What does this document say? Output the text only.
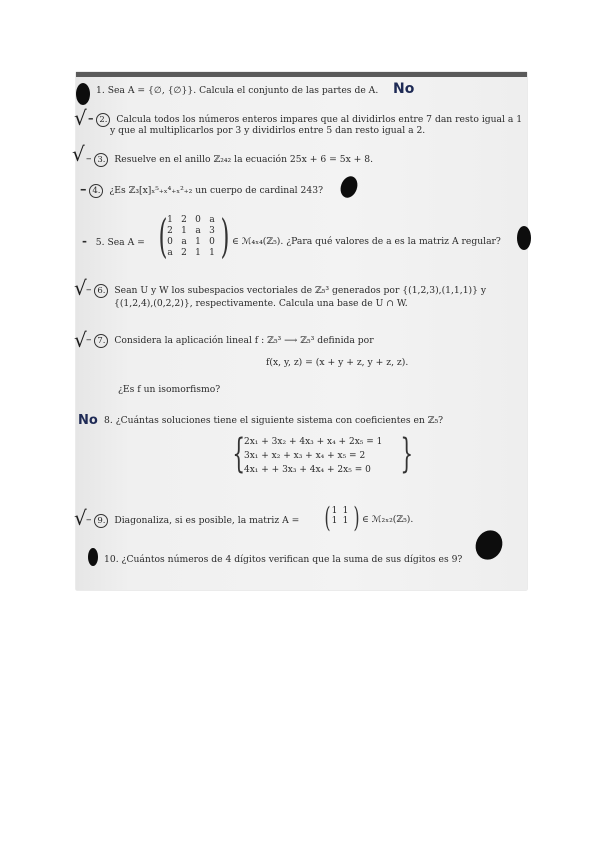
1. Sea A = {∅, {∅}}. Calcula el conjunto de las partes de A. No
√ – 2. Calcula todos los números enteros impares que al dividirlos entre 7 dan resto igual a 1
y que al multiplicarlos por 3 y dividirlos entre 5 dan resto igual a 2.
√ – 3. Resuelve en el anillo ℤ₂₄₂ la ecuación 25x + 6 = 5x + 8.
– 4. ¿Es ℤ₃[x]ₓ⁵₊ₓ⁴₊ₓ²₊₂ un cuerpo de cardinal 243?
- 5. Sea A = ( 1 2 0 a
2 1 a 3
0 a 1 0
a 2 1 1 ) ∈ ℳ₄ₓ₄(ℤ₅). ¿Para qué valores de a es la matriz A regular?
√ – 6. Sean U y W los subespacios vectoriales de ℤ₅³ generados por {(1,2,3),(1,1,1)} y
{(1,2,4),(0,2,2)}, respectivamente. Calcula una base de U ∩ W.
√ – 7. Considera la aplicación lineal f : ℤ₅³ ⟶ ℤ₅³ definida por
f(x, y, z) = (x + y + z, y + z, z).
¿Es f un isomorfismo?
No 8. ¿Cuántas soluciones tiene el siguiente sistema con coeficientes en ℤ₅?
2x₁ + 3x₂ + 4x₃ + x₄ + 2x₅ = 1
{
3x₁ + x₂ + x₃ + x₄ + x₅ = 2
4x₁ + + 3x₃ + 4x₄ + 2x₅ = 0 }
√ – 9. Diagonaliza, si es posible, la matriz A = ( 1 1
1 1 ) ∈ ℳ₂ₓ₂(ℤ₅).
10. ¿Cuántos números de 4 dígitos verifican que la suma de sus dígitos es 9?
